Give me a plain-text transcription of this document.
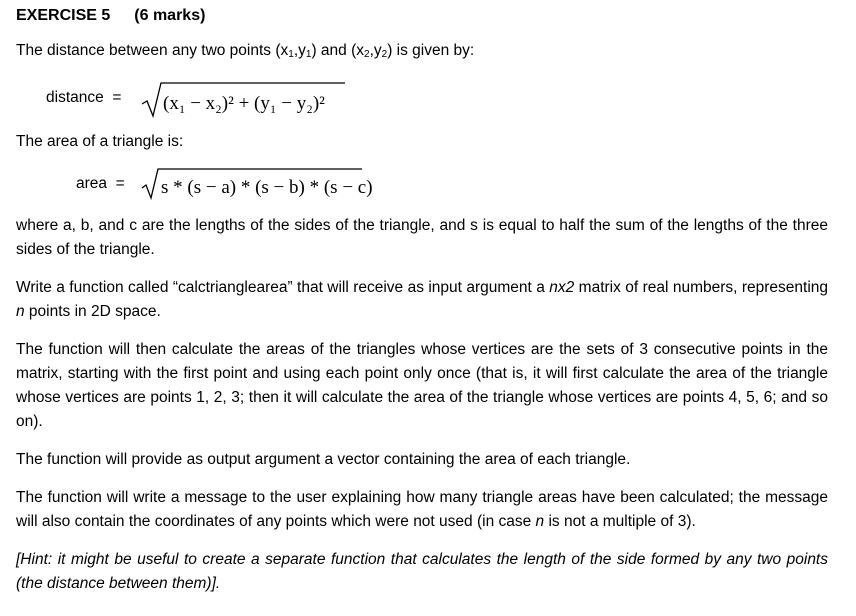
EXERCISE 5 (6 marks)
The distance between any two points $(x_1,y_1)$ and $(x_2,y_2)$ is given by:
distance = (x₁ − x₂)² + (y₁ − y₂)²
The area of a triangle is:
area = s * (s − a) * (s − b) * (s − c)
where a, b, and c are the lengths of the sides of the triangle, and s is equal to half the sum of the lengths of the three sides of the triangle.
Write a function called “calctrianglearea” that will receive as input argument a nx2 matrix of real numbers, representing n points in 2D space.
The function will then calculate the areas of the triangles whose vertices are the sets of 3 consecutive points in the matrix, starting with the first point and using each point only once (that is, it will first calculate the area of the triangle whose vertices are points 1, 2, 3; then it will calculate the area of the triangle whose vertices are points 4, 5, 6; and so on).
The function will provide as output argument a vector containing the area of each triangle.
The function will write a message to the user explaining how many triangle areas have been calculated; the message will also contain the coordinates of any points which were not used (in case n is not a multiple of 3).
[Hint: it might be useful to create a separate function that calculates the length of the side formed by any two points (the distance between them)].
